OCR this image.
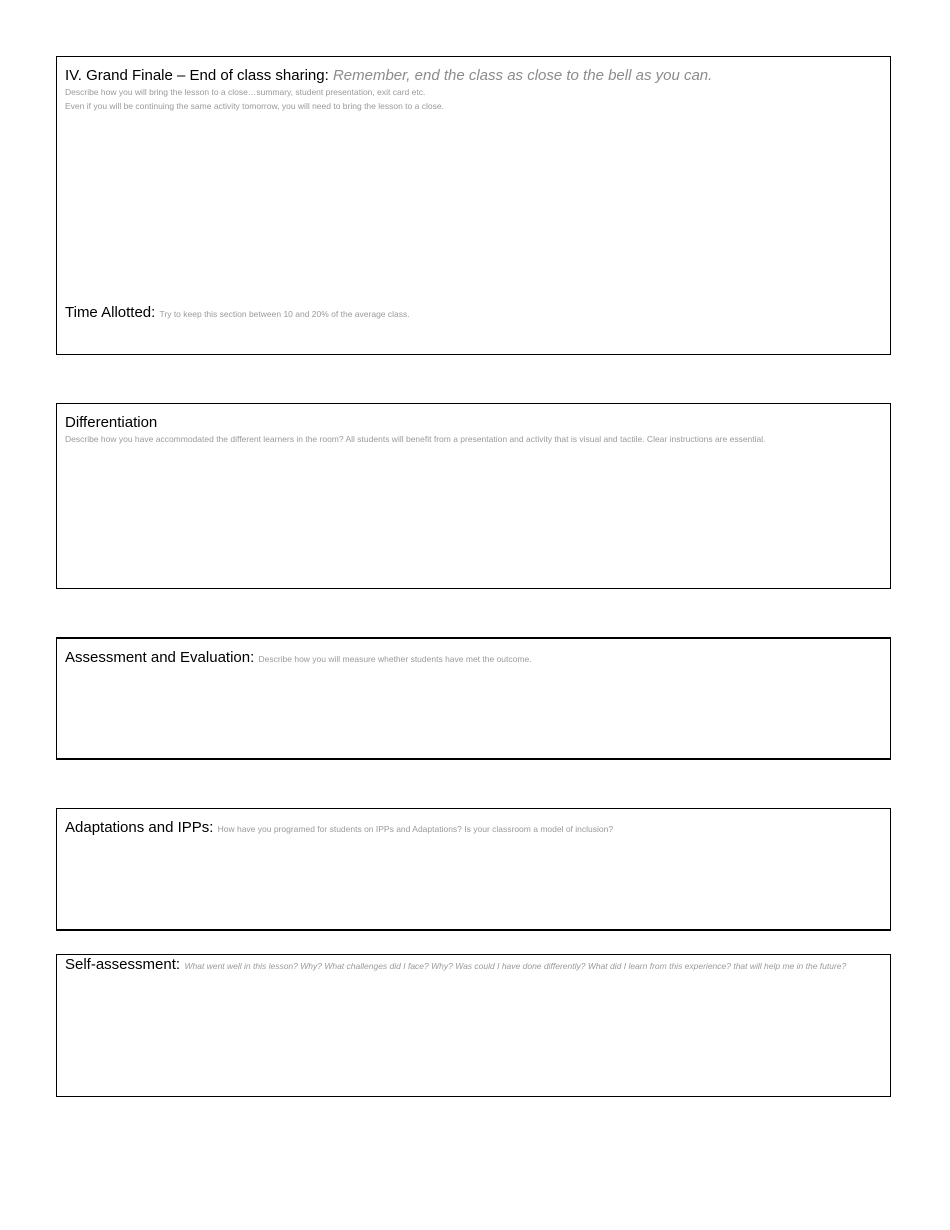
IV. Grand Finale – End of class sharing: Remember, end the class as close to the bell as you can.
Describe how you will bring the lesson to a close…summary, student presentation, exit card etc.
Even if you will be continuing the same activity tomorrow, you will need to bring the lesson to a close.
Time Allotted: Try to keep this section between 10 and 20% of the average class.
Differentiation
Describe how you have accommodated the different learners in the room? All students will benefit from a presentation and activity that is visual and tactile. Clear instructions are essential.
Assessment and Evaluation: Describe how you will measure whether students have met the outcome.
Adaptations and IPPs: How have you programed for students on IPPs and Adaptations? Is your classroom a model of inclusion?
Self-assessment: What went well in this lesson? Why? What challenges did I face? Why? Was could I have done differently? What did I learn from this experience? that will help me in the future?
